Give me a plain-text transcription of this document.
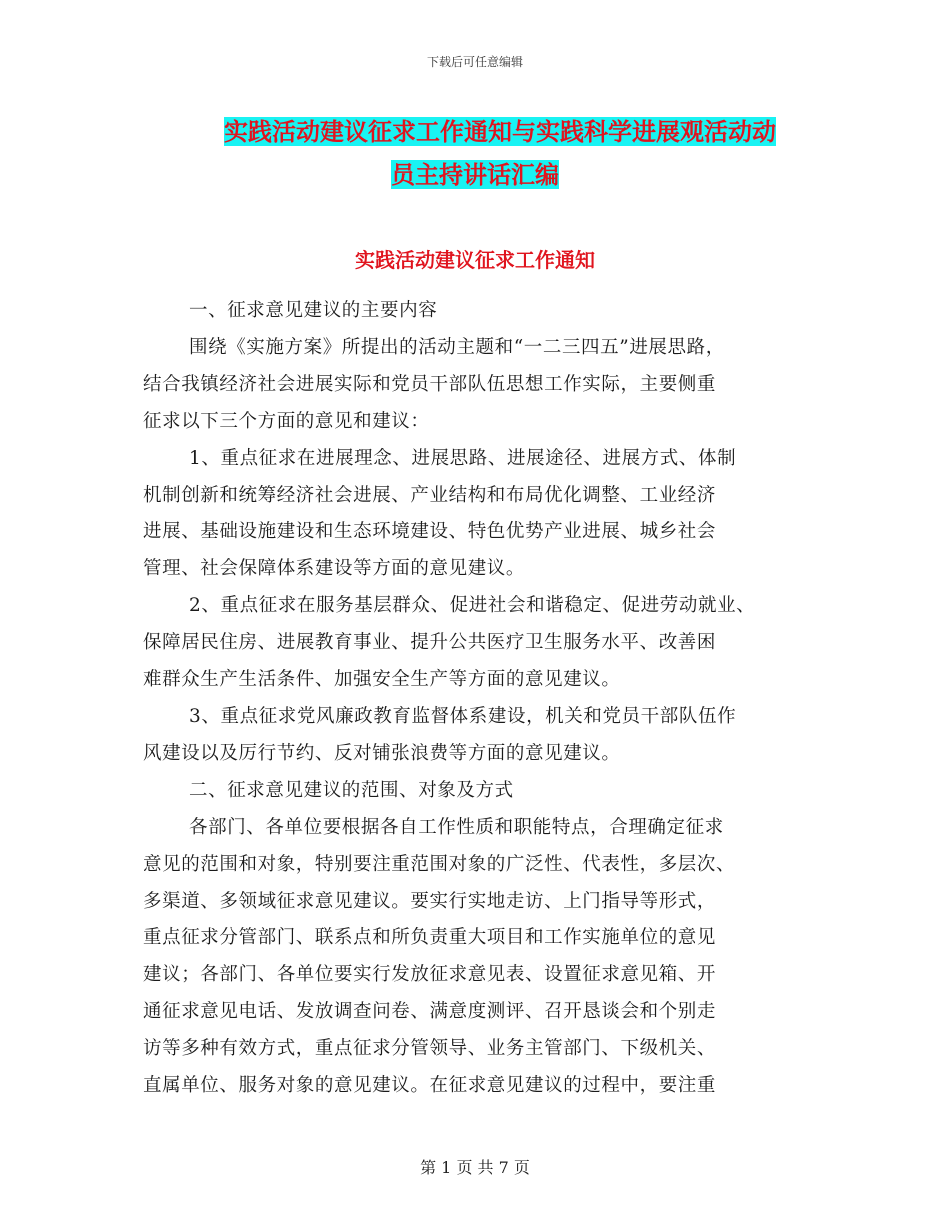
下载后可任意编辑
实践活动建议征求工作通知与实践科学进展观活动动
员主持讲话汇编
实践活动建议征求工作通知
一、征求意见建议的主要内容
围绕《实施方案》所提出的活动主题和“一二三四五”进展思路，
结合我镇经济社会进展实际和党员干部队伍思想工作实际，主要侧重
征求以下三个方面的意见和建议：
1、重点征求在进展理念、进展思路、进展途径、进展方式、体制
机制创新和统筹经济社会进展、产业结构和布局优化调整、工业经济
进展、基础设施建设和生态环境建设、特色优势产业进展、城乡社会
管理、社会保障体系建设等方面的意见建议。
2、重点征求在服务基层群众、促进社会和谐稳定、促进劳动就业、
保障居民住房、进展教育事业、提升公共医疗卫生服务水平、改善困
难群众生产生活条件、加强安全生产等方面的意见建议。
3、重点征求党风廉政教育监督体系建设，机关和党员干部队伍作
风建设以及厉行节约、反对铺张浪费等方面的意见建议。
二、征求意见建议的范围、对象及方式
各部门、各单位要根据各自工作性质和职能特点，合理确定征求
意见的范围和对象，特别要注重范围对象的广泛性、代表性，多层次、
多渠道、多领域征求意见建议。要实行实地走访、上门指导等形式，
重点征求分管部门、联系点和所负责重大项目和工作实施单位的意见
建议；各部门、各单位要实行发放征求意见表、设置征求意见箱、开
通征求意见电话、发放调查问卷、满意度测评、召开恳谈会和个别走
访等多种有效方式，重点征求分管领导、业务主管部门、下级机关、
直属单位、服务对象的意见建议。在征求意见建议的过程中，要注重
第 1 页 共 7 页
